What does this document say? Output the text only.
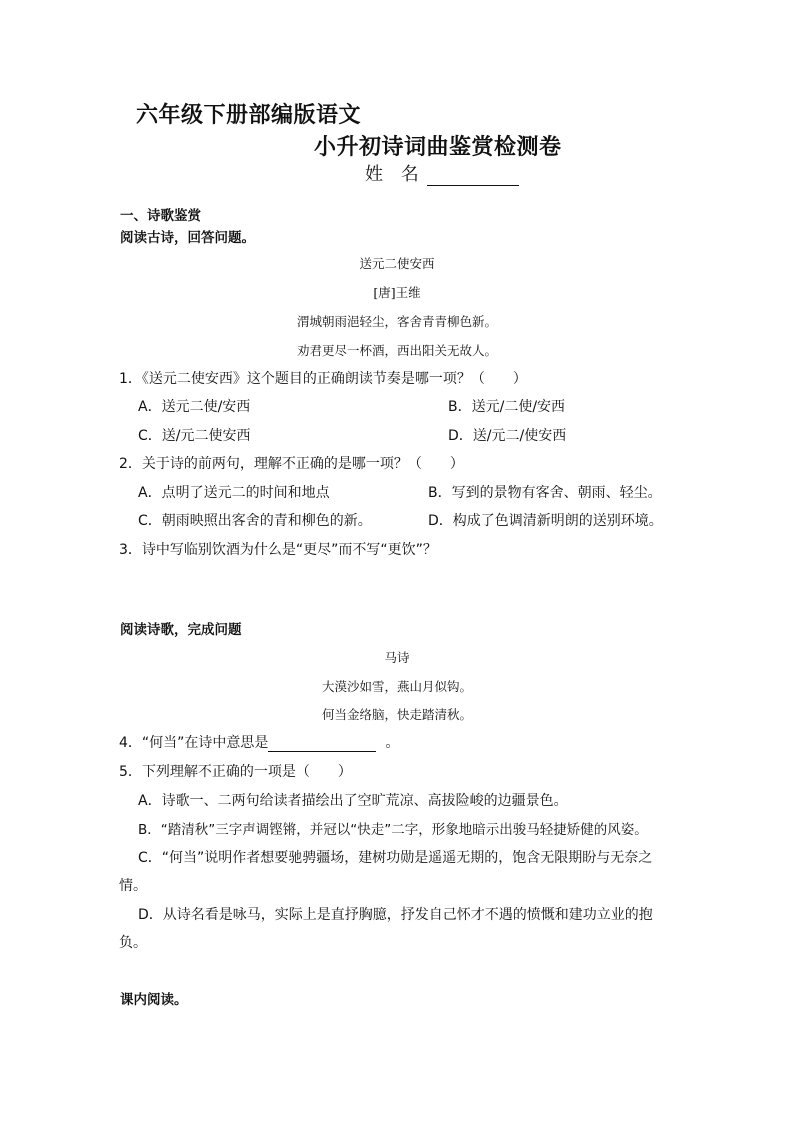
六年级下册部编版语文
小升初诗词曲鉴赏检测卷
姓 名
一、诗歌鉴赏
阅读古诗，回答问题。
送元二使安西
[唐]王维
渭城朝雨浥轻尘，客舍青青柳色新。
劝君更尽一杯酒，西出阳关无故人。
1．《送元二使安西》这个题目的正确朗读节奏是哪一项？（　　）
A．送元二使/安西	B．送元/二使/安西
C．送/元二使安西	D．送/元二/使安西
2．关于诗的前两句，理解不正确的是哪一项？（　　）
A．点明了送元二的时间和地点	B．写到的景物有客舍、朝雨、轻尘。
C．朝雨映照出客舍的青和柳色的新。	D．构成了色调清新明朗的送别环境。
3．诗中写临别饮酒为什么是“更尽”而不写“更饮”？
阅读诗歌，完成问题
马诗
大漠沙如雪，燕山月似钩。
何当金络脑，快走踏清秋。
4．“何当”在诗中意思是	。
5．下列理解不正确的一项是（　　）
A．诗歌一、二两句给读者描绘出了空旷荒凉、高拔险峻的边疆景色。
B．“踏清秋”三字声调铿锵，并冠以“快走”二字，形象地暗示出骏马轻捷矫健的风姿。
C．“何当”说明作者想要驰骋疆场，建树功勋是遥遥无期的，饱含无限期盼与无奈之
情。
D．从诗名看是咏马，实际上是直抒胸臆，抒发自己怀才不遇的愤慨和建功立业的抱
负。
课内阅读。
